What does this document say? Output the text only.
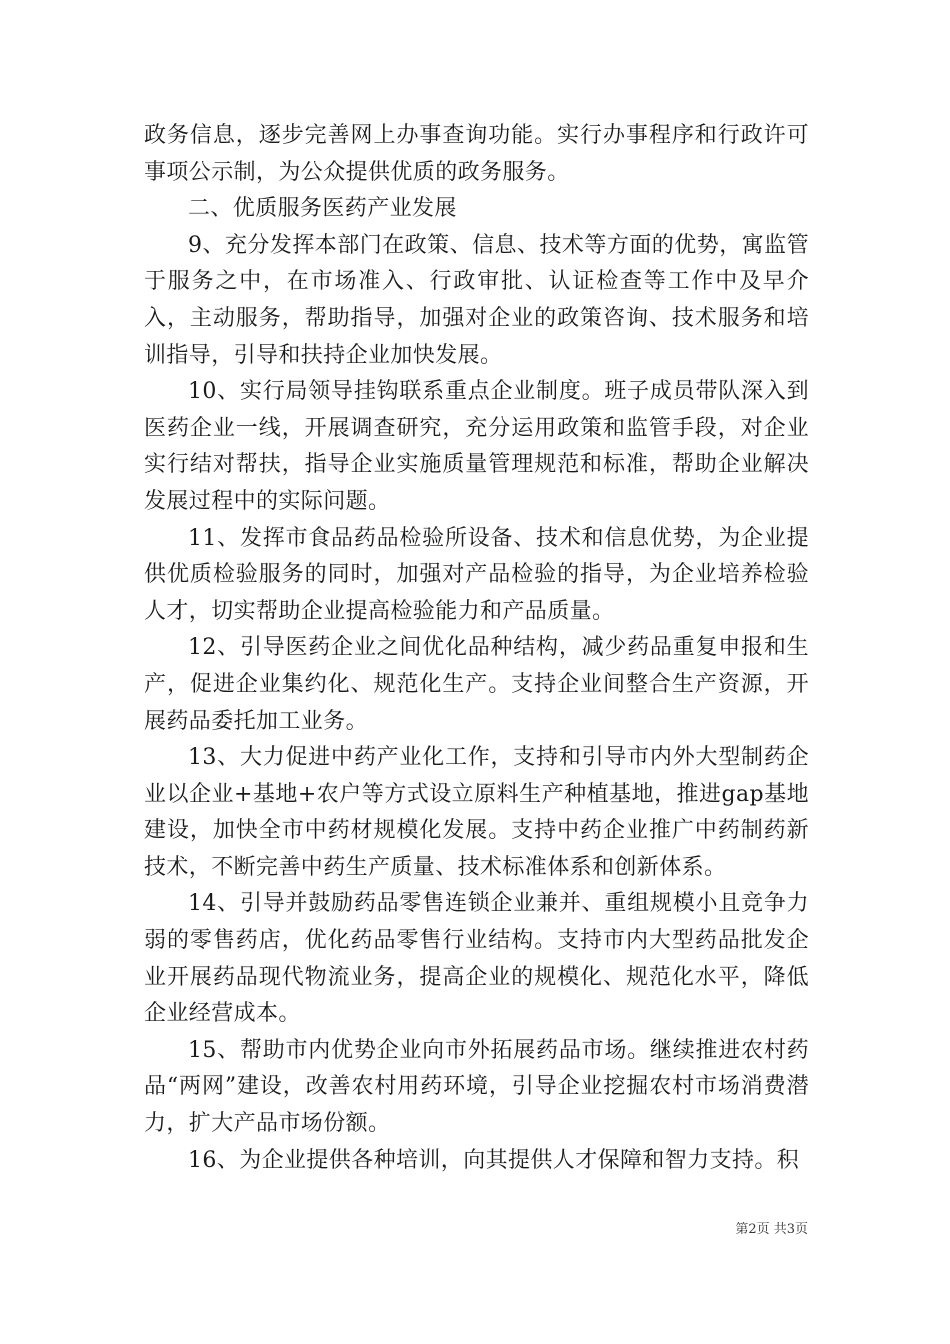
政务信息，逐步完善网上办事查询功能。实行办事程序和行政许可事项公示制，为公众提供优质的政务服务。

二、优质服务医药产业发展

9、充分发挥本部门在政策、信息、技术等方面的优势，寓监管于服务之中，在市场准入、行政审批、认证检查等工作中及早介入，主动服务，帮助指导，加强对企业的政策咨询、技术服务和培训指导，引导和扶持企业加快发展。

10、实行局领导挂钩联系重点企业制度。班子成员带队深入到医药企业一线，开展调查研究，充分运用政策和监管手段，对企业实行结对帮扶，指导企业实施质量管理规范和标准，帮助企业解决发展过程中的实际问题。

11、发挥市食品药品检验所设备、技术和信息优势，为企业提供优质检验服务的同时，加强对产品检验的指导，为企业培养检验人才，切实帮助企业提高检验能力和产品质量。

12、引导医药企业之间优化品种结构，减少药品重复申报和生产，促进企业集约化、规范化生产。支持企业间整合生产资源，开展药品委托加工业务。

13、大力促进中药产业化工作，支持和引导市内外大型制药企业以企业+基地+农户等方式设立原料生产种植基地，推进gap基地建设，加快全市中药材规模化发展。支持中药企业推广中药制药新技术，不断完善中药生产质量、技术标准体系和创新体系。

14、引导并鼓励药品零售连锁企业兼并、重组规模小且竞争力弱的零售药店，优化药品零售行业结构。支持市内大型药品批发企业开展药品现代物流业务，提高企业的规模化、规范化水平，降低企业经营成本。

15、帮助市内优势企业向市外拓展药品市场。继续推进农村药品“两网”建设，改善农村用药环境，引导企业挖掘农村市场消费潜力，扩大产品市场份额。

16、为企业提供各种培训，向其提供人才保障和智力支持。积

第2页 共3页
